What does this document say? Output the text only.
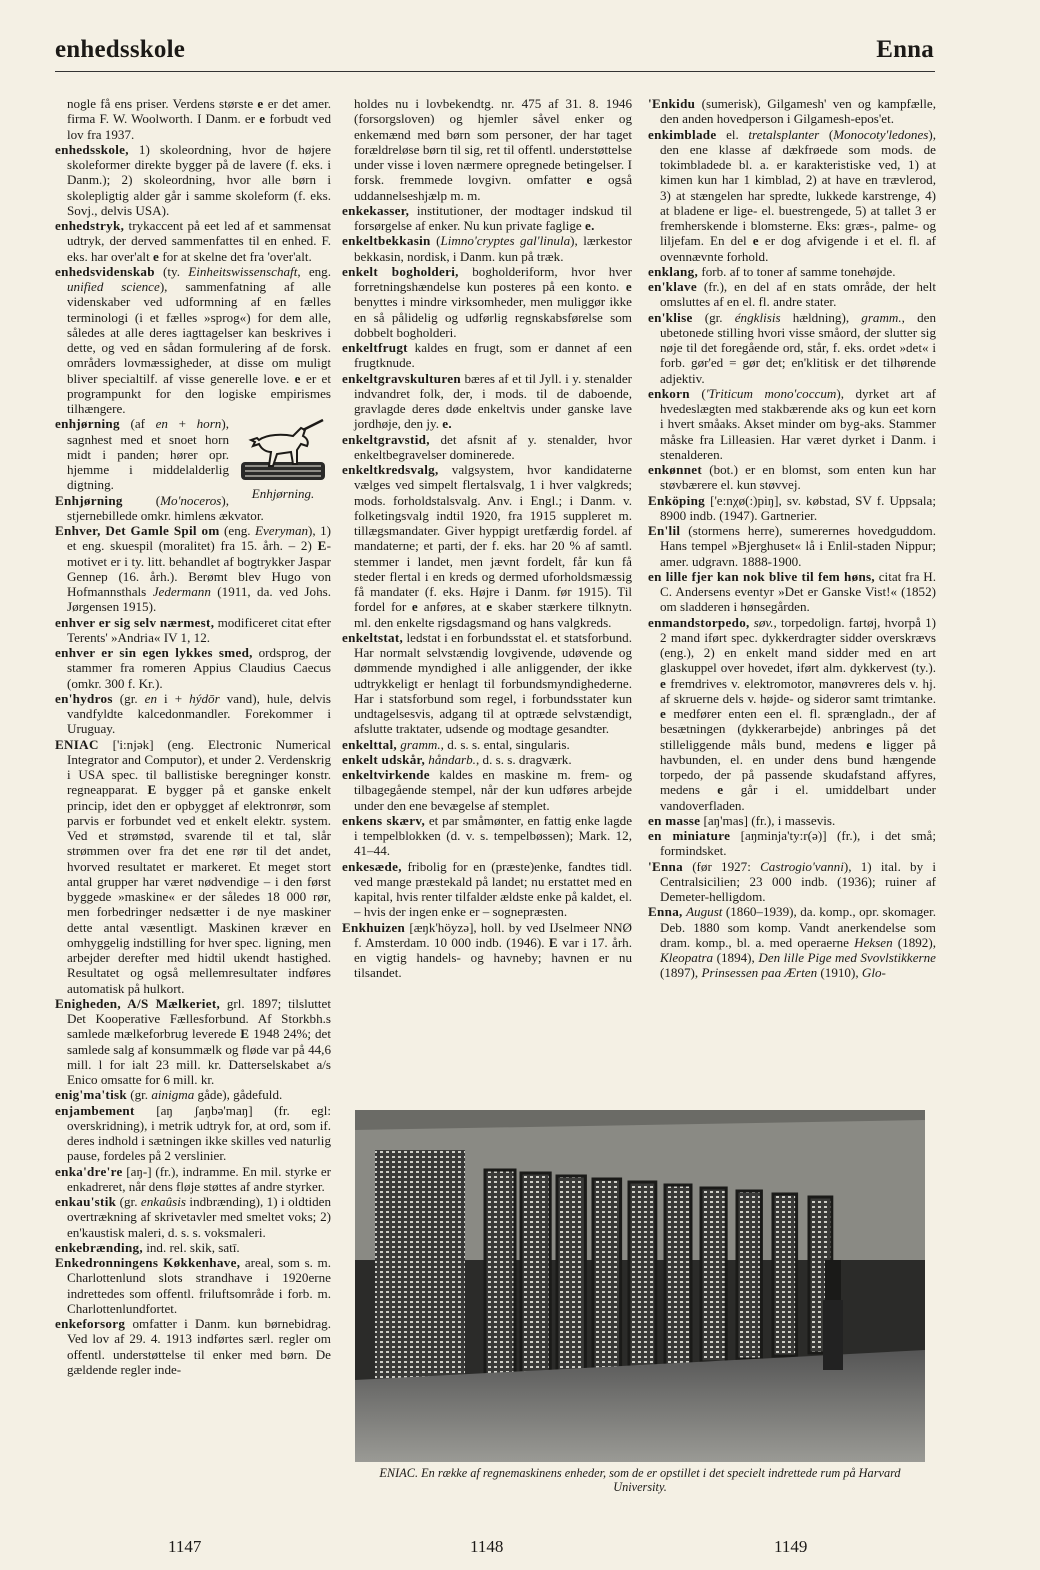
enhedsskole	Enna

nogle få ens priser. Verdens største e er det amer. firma F. W. Woolworth. I Danm. er e forbudt ved lov fra 1937.

enhedsskole, 1) skoleordning, hvor de højere skoleformer direkte bygger på de lavere (f. eks. i Danm.); 2) skoleordning, hvor alle børn i skolepligtig alder går i samme skoleform (f. eks. Sovj., delvis USA).

enhedstryk, trykaccent på eet led af et sammensat udtryk, der derved sammenfattes til en enhed. F. eks. har over'alt e for at skelne det fra 'over'alt.

enhedsvidenskab (ty. Einheitswissenschaft, eng. unified science), sammenfatning af alle videnskaber ved udformning af en fælles terminologi (i et fælles »sprog«) for dem alle, således at alle deres iagttagelser kan beskrives i dette, og ved en sådan formulering af de forsk. områders lovmæssigheder, at disse om muligt bliver specialtilf. af visse generelle love. e er et programpunkt for den logiske empirismes tilhængere.

Enhjørning.

enhjørning (af en + horn), sagnhest med et snoet horn midt i panden; hører opr. hjemme i middelalderlig digtning.

Enhjørning (Mo'noceros), stjernebillede omkr. himlens ækvator.

Enhver, Det Gamle Spil om (eng. Everyman), 1) et eng. skuespil (moralitet) fra 15. årh. – 2) E-motivet er i ty. litt. behandlet af bogtrykker Jaspar Gennep (16. årh.). Berømt blev Hugo von Hofmannsthals Jedermann (1911, da. ved Johs. Jørgensen 1915).

enhver er sig selv nærmest, modificeret citat efter Terents' »Andria« IV 1, 12.

enhver er sin egen lykkes smed, ordsprog, der stammer fra romeren Appius Claudius Caecus (omkr. 300 f. Kr.).

en'hydros (gr. en i + hýdōr vand), hule, delvis vandfyldte kalcedonmandler. Forekommer i Uruguay.

ENIAC ['i:njək] (eng. Electronic Numerical Integrator and Computor), et under 2. Verdenskrig i USA spec. til ballistiske beregninger konstr. regneapparat. E bygger på et ganske enkelt princip, idet den er opbygget af elektronrør, som parvis er forbundet ved et enkelt elektr. system. Ved et strømstød, svarende til et tal, slår strømmen over fra det ene rør til det andet, hvorved resultatet er markeret. Et meget stort antal grupper har været nødvendige – i den først byggede »maskine« er der således 18 000 rør, men forbedringer nedsætter i de nye maskiner dette antal væsentligt. Maskinen kræver en omhyggelig indstilling for hver spec. ligning, men arbejder derefter med hidtil ukendt hastighed. Resultatet og også mellemresultater indføres automatisk på hulkort.

Enigheden, A/S Mælkeriet, grl. 1897; tilsluttet Det Kooperative Fællesforbund. Af Storkbh.s samlede mælkeforbrug leverede E 1948 24%; det samlede salg af konsummælk og fløde var på 44,6 mill. l for ialt 23 mill. kr. Datterselskabet a/s Enico omsatte for 6 mill. kr.

enig'ma'tisk (gr. ainigma gåde), gådefuld.

enjambement [aŋ ʃaŋbə'maŋ] (fr. egl: overskridning), i metrik udtryk for, at ord, som if. deres indhold i sætningen ikke skilles ved naturlig pause, fordeles på 2 verslinier.

enka'dre're [aŋ-] (fr.), indramme. En mil. styrke er enkadreret, når dens fløje støttes af andre styrker.

enkau'stik (gr. enkaûsis indbrænding), 1) i oldtiden overtrækning af skrivetavler med smeltet voks; 2) en'kaustisk maleri, d. s. s. voksmaleri.

enkebrænding, ind. rel. skik, satī.

Enkedronningens Køkkenhave, areal, som s. m. Charlottenlund slots strandhave i 1920erne indrettedes som offentl. friluftsområde i forb. m. Charlottenlundfortet.

enkeforsorg omfatter i Danm. kun børnebidrag. Ved lov af 29. 4. 1913 indførtes særl. regler om offentl. understøttelse til enker med børn. De gældende regler inde-

holdes nu i lovbekendtg. nr. 475 af 31. 8. 1946 (forsorgsloven) og hjemler såvel enker og enkemænd med børn som personer, der har taget forældreløse børn til sig, ret til offentl. understøttelse under visse i loven nærmere opregnede betingelser. I forsk. fremmede lovgivn. omfatter e også uddannelseshjælp m. m.

enkekasser, institutioner, der modtager indskud til forsørgelse af enker. Nu kun private faglige e.

enkeltbekkasin (Limno'cryptes gal'linula), lærkestor bekkasin, nordisk, i Danm. kun på træk.

enkelt bogholderi, bogholderiform, hvor hver forretningshændelse kun posteres på een konto. e benyttes i mindre virksomheder, men muliggør ikke en så pålidelig og udførlig regnskabsførelse som dobbelt bogholderi.

enkeltfrugt kaldes en frugt, som er dannet af een frugtknude.

enkeltgravskulturen bæres af et til Jyll. i y. stenalder indvandret folk, der, i mods. til de daboende, gravlagde deres døde enkeltvis under ganske lave jordhøje, den jy. e.

enkeltgravstid, det afsnit af y. stenalder, hvor enkeltbegravelser dominerede.

enkeltkredsvalg, valgsystem, hvor kandidaterne vælges ved simpelt flertalsvalg, 1 i hver valgkreds; mods. forholdstalsvalg. Anv. i Engl.; i Danm. v. folketingsvalg indtil 1920, fra 1915 suppleret m. tillægsmandater. Giver hyppigt uretfærdig fordel. af mandaterne; et parti, der f. eks. har 20 % af samtl. stemmer i landet, men jævnt fordelt, får kun få steder flertal i en kreds og dermed uforholdsmæssig få mandater (f. eks. Højre i Danm. før 1915). Til fordel for e anføres, at e skaber stærkere tilknytn. ml. den enkelte rigsdagsmand og hans valgkreds.

enkeltstat, ledstat i en forbundsstat el. et statsforbund. Har normalt selvstændig lovgivende, udøvende og dømmende myndighed i alle anliggender, der ikke udtrykkeligt er henlagt til forbundsmyndighederne. Har i statsforbund som regel, i forbundsstater kun undtagelsesvis, adgang til at optræde selvstændigt, afslutte traktater, udsende og modtage gesandter.

enkelttal, gramm., d. s. s. ental, singularis.

enkelt udskår, håndarb., d. s. s. dragværk.

enkeltvirkende kaldes en maskine m. frem- og tilbagegående stempel, når der kun udføres arbejde under den ene bevægelse af stemplet.

enkens skærv, et par småmønter, en fattig enke lagde i tempelblokken (d. v. s. tempelbøssen); Mark. 12, 41–44.

enkesæde, fribolig for en (præste)enke, fandtes tidl. ved mange præstekald på landet; nu erstattet med en kapital, hvis renter tilfalder ældste enke på kaldet, el. – hvis der ingen enke er – sognepræsten.

Enkhuizen [æŋk'höyzə], holl. by ved IJselmeer NNØ f. Amsterdam. 10 000 indb. (1946). E var i 17. årh. en vigtig handels- og havneby; havnen er nu tilsandet.

'Enkidu (sumerisk), Gilgamesh' ven og kampfælle, den anden hovedperson i Gilgamesh-epos'et.

enkimblade el. tretalsplanter (Monocoty'ledones), den ene klasse af dækfrøede som mods. de tokimbladede bl. a. er karakteristiske ved, 1) at kimen kun har 1 kimblad, 2) at have en trævlerod, 3) at stængelen har spredte, lukkede karstrenge, 4) at bladene er lige- el. buestrengede, 5) at tallet 3 er fremherskende i blomsterne. Eks: græs-, palme- og liljefam. En del e er dog afvigende i et el. fl. af ovennævnte forhold.

enklang, forb. af to toner af samme tonehøjde.

en'klave (fr.), en del af en stats område, der helt omsluttes af en el. fl. andre stater.

en'klise (gr. éngklisis hældning), gramm., den ubetonede stilling hvori visse småord, der slutter sig nøje til det foregående ord, står, f. eks. ordet »det« i forb. gør'ed = gør det; en'klitisk er det tilhørende adjektiv.

enkorn ('Triticum mono'coccum), dyrket art af hvedeslægten med stakbærende aks og kun eet korn i hvert småaks. Akset minder om byg-aks. Stammer måske fra Lilleasien. Har været dyrket i Danm. i stenalderen.

enkønnet (bot.) er en blomst, som enten kun har støvbærere el. kun støvvej.

Enköping ['e:nχø(:)piŋ], sv. købstad, SV f. Uppsala; 8900 indb. (1947). Gartnerier.

En'lil (stormens herre), sumerernes hovedguddom. Hans tempel »Bjerghuset« lå i Enlil-staden Nippur; amer. udgravn. 1888-1900.

en lille fjer kan nok blive til fem høns, citat fra H. C. Andersens eventyr »Det er Ganske Vist!« (1852) om sladderen i hønsegården.

enmandstorpedo, søv., torpedolign. fartøj, hvorpå 1) 2 mand iført spec. dykkerdragter sidder overskrævs (eng.), 2) en enkelt mand sidder med en art glaskuppel over hovedet, iført alm. dykkervest (ty.). e fremdrives v. elektromotor, manøvreres dels v. hj. af skruerne dels v. højde- og sideror samt trimtanke. e medfører enten een el. fl. sprængladn., der af besætningen (dykkerarbejde) anbringes på det stilleliggende måls bund, medens e ligger på havbunden, el. en under dens bund hængende torpedo, der på passende skudafstand affyres, medens e går i el. umiddelbart under vandoverfladen.

en masse [aŋ'mas] (fr.), i massevis.

en miniature [aŋminja'ty:r(ə)] (fr.), i det små; formindsket.

'Enna (før 1927: Castrogio'vanni), 1) ital. by i Centralsicilien; 23 000 indb. (1936); ruiner af Demeter-helligdom.

Enna, August (1860–1939), da. komp., opr. skomager. Deb. 1880 som komp. Vandt anerkendelse som dram. komp., bl. a. med operaerne Heksen (1892), Kleopatra (1894), Den lille Pige med Svovlstikkerne (1897), Prinsessen paa Ærten (1910), Glo-

ENIAC. En række af regnemaskinens enheder, som de er opstillet i det specielt indrettede rum på Harvard University.
1147	1148	1149
